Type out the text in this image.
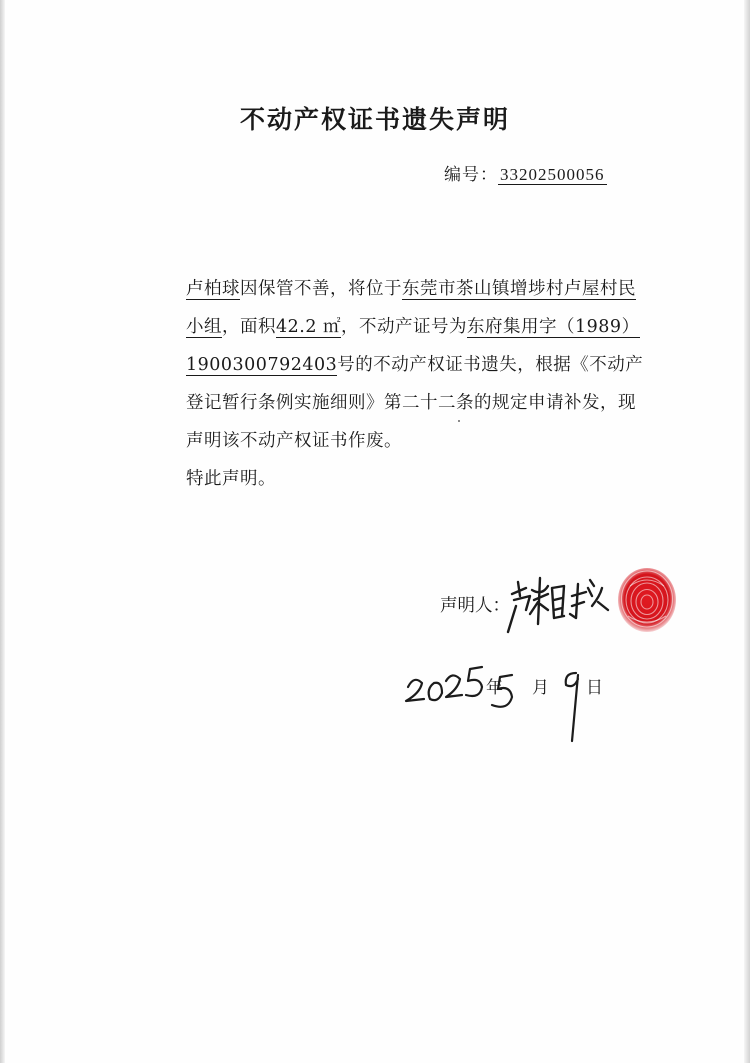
不动产权证书遗失声明
编号： 33202500056

卢柏球因保管不善，将位于东莞市茶山镇增埗村卢屋村民小组，面积42.2 ㎡，不动产证号为东府集用字（1989）1900300792403号的不动产权证书遗失，根据《不动产登记暂行条例实施细则》第二十二条的规定申请补发，现声明该不动产权证书作废。

特此声明。

声明人：
年 月 日
